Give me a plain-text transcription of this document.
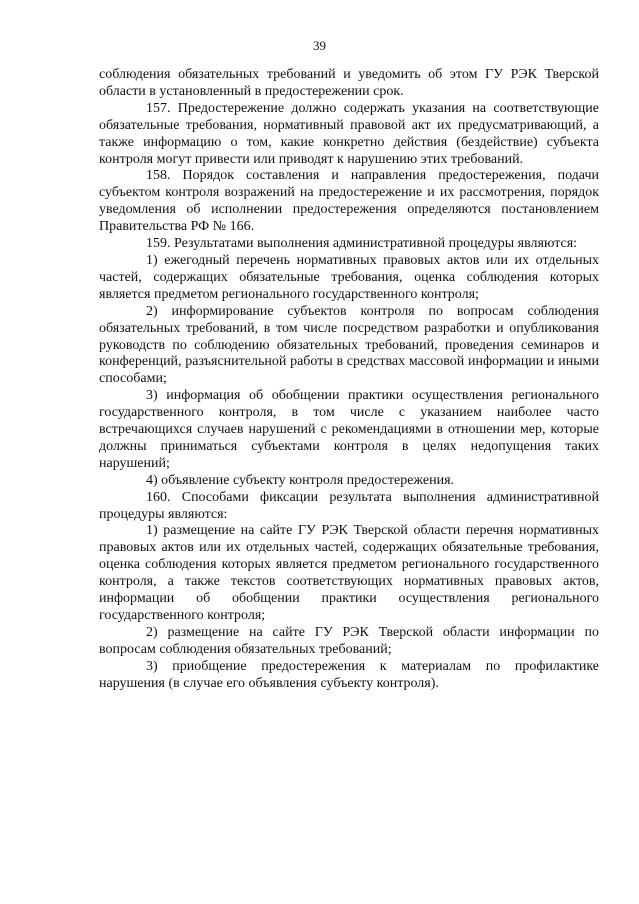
39

соблюдения обязательных требований и уведомить об этом ГУ РЭК Тверской области в установленный в предостережении срок.

157. Предостережение должно содержать указания на соответствующие обязательные требования, нормативный правовой акт их предусматривающий, а также информацию о том, какие конкретно действия (бездействие) субъекта контроля могут привести или приводят к нарушению этих требований.

158. Порядок составления и направления предостережения, подачи субъектом контроля возражений на предостережение и их рассмотрения, порядок уведомления об исполнении предостережения определяются постановлением Правительства РФ № 166.

159. Результатами выполнения административной процедуры являются:

1) ежегодный перечень нормативных правовых актов или их отдельных частей, содержащих обязательные требования, оценка соблюдения которых является предметом регионального государственного контроля;

2) информирование субъектов контроля по вопросам соблюдения обязательных требований, в том числе посредством разработки и опубликования руководств по соблюдению обязательных требований, проведения семинаров и конференций, разъяснительной работы в средствах массовой информации и иными способами;

3) информация об обобщении практики осуществления регионального государственного контроля, в том числе с указанием наиболее часто встречающихся случаев нарушений с рекомендациями в отношении мер, которые должны приниматься субъектами контроля в целях недопущения таких нарушений;

4) объявление субъекту контроля предостережения.

160. Способами фиксации результата выполнения административной процедуры являются:

1) размещение на сайте ГУ РЭК Тверской области перечня нормативных правовых актов или их отдельных частей, содержащих обязательные требования, оценка соблюдения которых является предметом регионального государственного контроля, а также текстов соответствующих нормативных правовых актов, информации об обобщении практики осуществления регионального государственного контроля;

2) размещение на сайте ГУ РЭК Тверской области информации по вопросам соблюдения обязательных требований;

3) приобщение предостережения к материалам по профилактике нарушения (в случае его объявления субъекту контроля).
